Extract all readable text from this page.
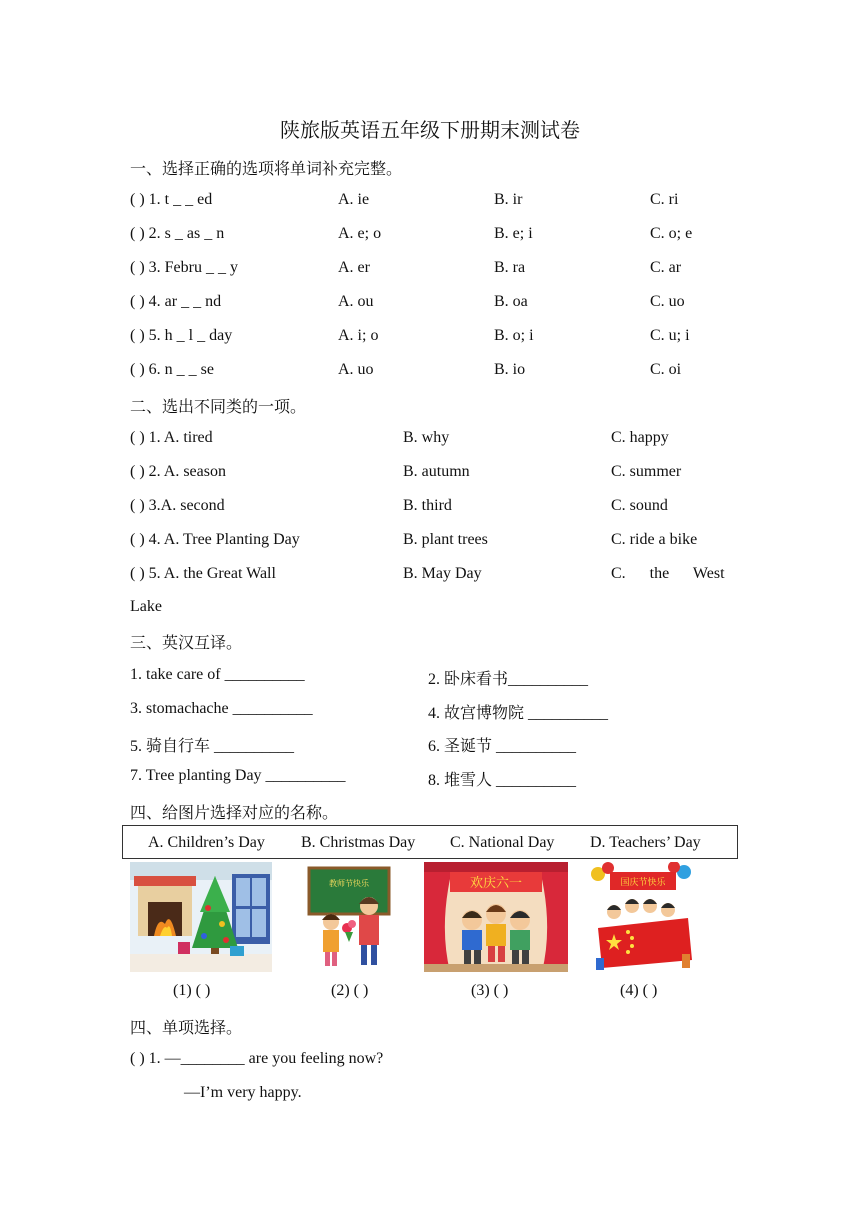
陕旅版英语五年级下册期末测试卷
一、选择正确的选项将单词补充完整。
( ) 1. t _ _ ed	A. ie	B. ir	C. ri
( ) 2. s _ as _ n	A. e; o	B. e; i	C. o; e
( ) 3. Febru _ _ y	A. er	B. ra	C. ar
( ) 4. ar _ _ nd	A. ou	B. oa	C. uo
( ) 5. h _ l _ day	A. i; o	B. o; i	C. u; i
( ) 6. n _ _ se	A. uo	B. io	C. oi
二、选出不同类的一项。
( ) 1. A. tired	B. why	C. happy
( ) 2. A. season	B. autumn	C. summer
( ) 3.A. second	B. third	C. sound
( ) 4. A. Tree Planting Day	B. plant trees	C. ride a bike
( ) 5. A. the Great Wall	B. May Day	C.      the      West
Lake
三、英汉互译。
1. take care of __________	2. 卧床看书__________
3. stomachache __________	4. 故宫博物院 __________
5. 骑自行车 __________	6. 圣诞节 __________
7. Tree planting Day __________	8. 堆雪人 __________
四、给图片选择对应的名称。
A. Children’s Day B. Christmas Day C. National Day D. Teachers’ Day
教师节快乐	欢庆六一	国庆节快乐
(1) ( )	(2) ( )	(3) ( )	(4) ( )
四、单项选择。
( ) 1. —________ are you feeling now?
—I’m very happy.
